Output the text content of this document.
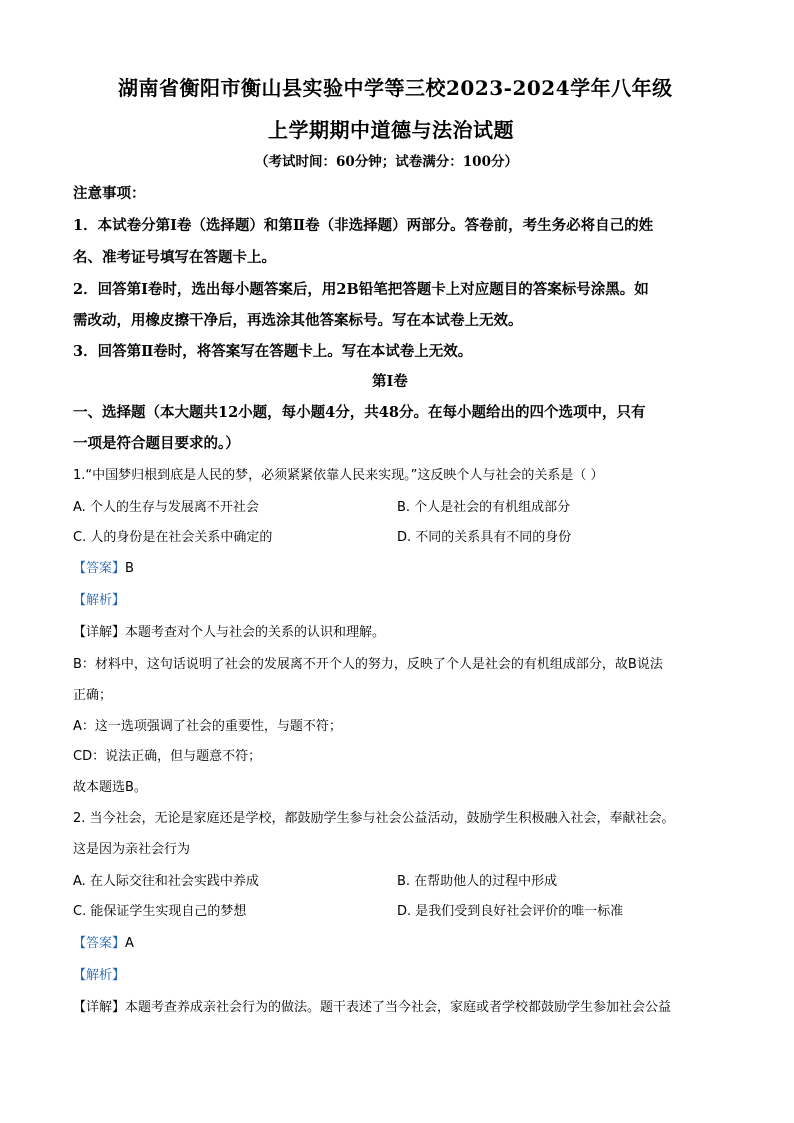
湖南省衡阳市衡山县实验中学等三校2023-2024学年八年级
上学期期中道德与法治试题
（考试时间：60分钟；试卷满分：100分）
注意事项：
1．本试卷分第Ⅰ卷（选择题）和第Ⅱ卷（非选择题）两部分。答卷前，考生务必将自己的姓
名、准考证号填写在答题卡上。
2．回答第Ⅰ卷时，选出每小题答案后，用2B铅笔把答题卡上对应题目的答案标号涂黑。如
需改动，用橡皮擦干净后，再选涂其他答案标号。写在本试卷上无效。
3．回答第Ⅱ卷时，将答案写在答题卡上。写在本试卷上无效。
第Ⅰ卷
一、选择题（本大题共12小题，每小题4分，共48分。在每小题给出的四个选项中，只有
一项是符合题目要求的。）
1.“中国梦归根到底是人民的梦，必须紧紧依靠人民来实现。”这反映个人与社会的关系是（ ）
A. 个人的生存与发展离不开社会	B. 个人是社会的有机组成部分
C. 人的身份是在社会关系中确定的	D. 不同的关系具有不同的身份
【答案】B
【解析】
【详解】本题考查对个人与社会的关系的认识和理解。
B：材料中，这句话说明了社会的发展离不开个人的努力，反映了个人是社会的有机组成部分，故B说法
正确；
A：这一选项强调了社会的重要性，与题不符；
CD：说法正确，但与题意不符；
故本题选B。
2. 当今社会，无论是家庭还是学校，都鼓励学生参与社会公益活动，鼓励学生积极融入社会，奉献社会。
这是因为亲社会行为
A. 在人际交往和社会实践中养成	B. 在帮助他人的过程中形成
C. 能保证学生实现自己的梦想	D. 是我们受到良好社会评价的唯一标准
【答案】A
【解析】
【详解】本题考查养成亲社会行为的做法。题干表述了当今社会，家庭或者学校都鼓励学生参加社会公益
